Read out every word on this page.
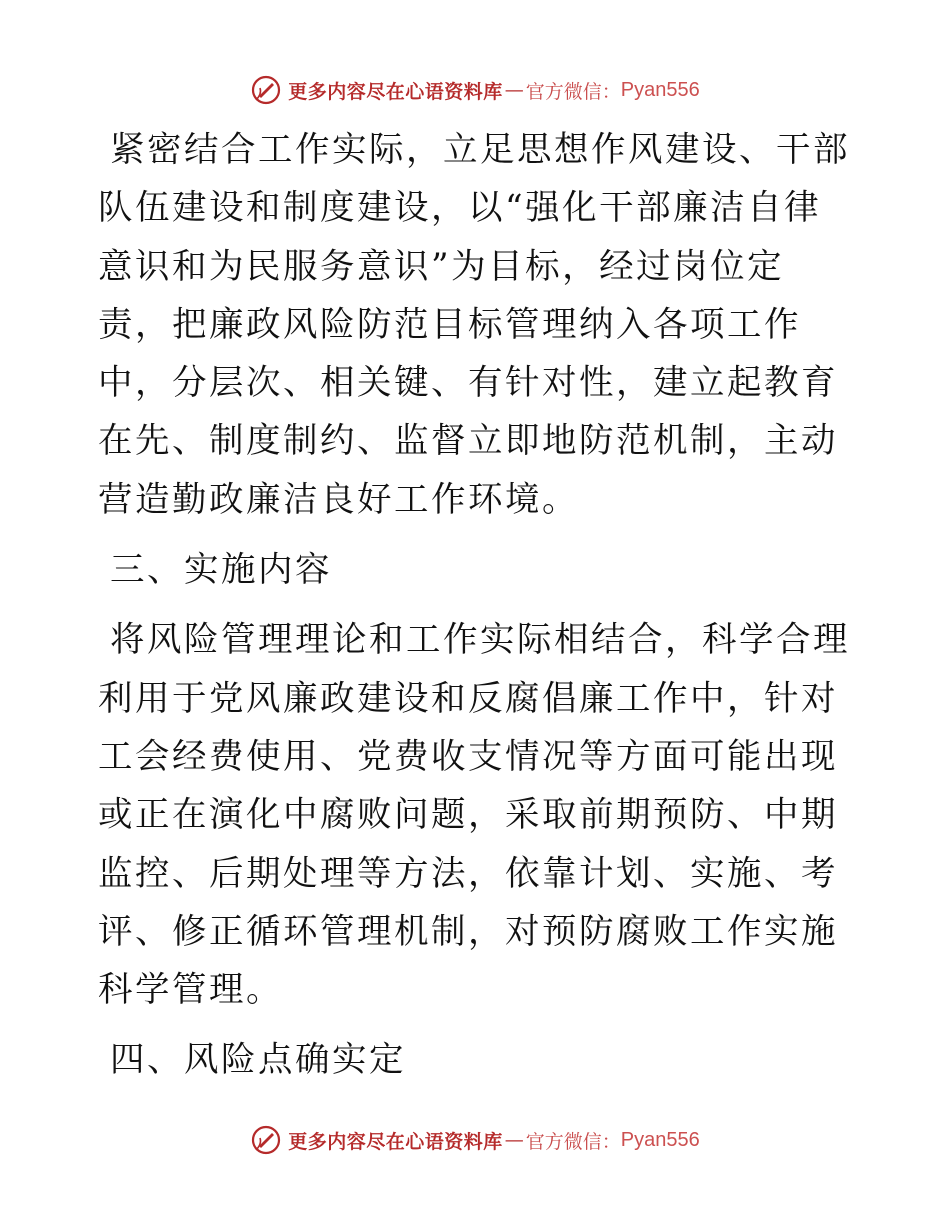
更多内容尽在心语资料库 — 官方微信： Pyan556

紧密结合工作实际，立足思想作风建设、干部队伍建设和制度建设，以“强化干部廉洁自律意识和为民服务意识”为目标，经过岗位定责，把廉政风险防范目标管理纳入各项工作中，分层次、相关键、有针对性，建立起教育在先、制度制约、监督立即地防范机制，主动营造勤政廉洁良好工作环境。

三、实施内容

将风险管理理论和工作实际相结合，科学合理利用于党风廉政建设和反腐倡廉工作中，针对工会经费使用、党费收支情况等方面可能出现或正在演化中腐败问题，采取前期预防、中期监控、后期处理等方法，依靠计划、实施、考评、修正循环管理机制，对预防腐败工作实施科学管理。

四、风险点确实定

更多内容尽在心语资料库 — 官方微信： Pyan556
